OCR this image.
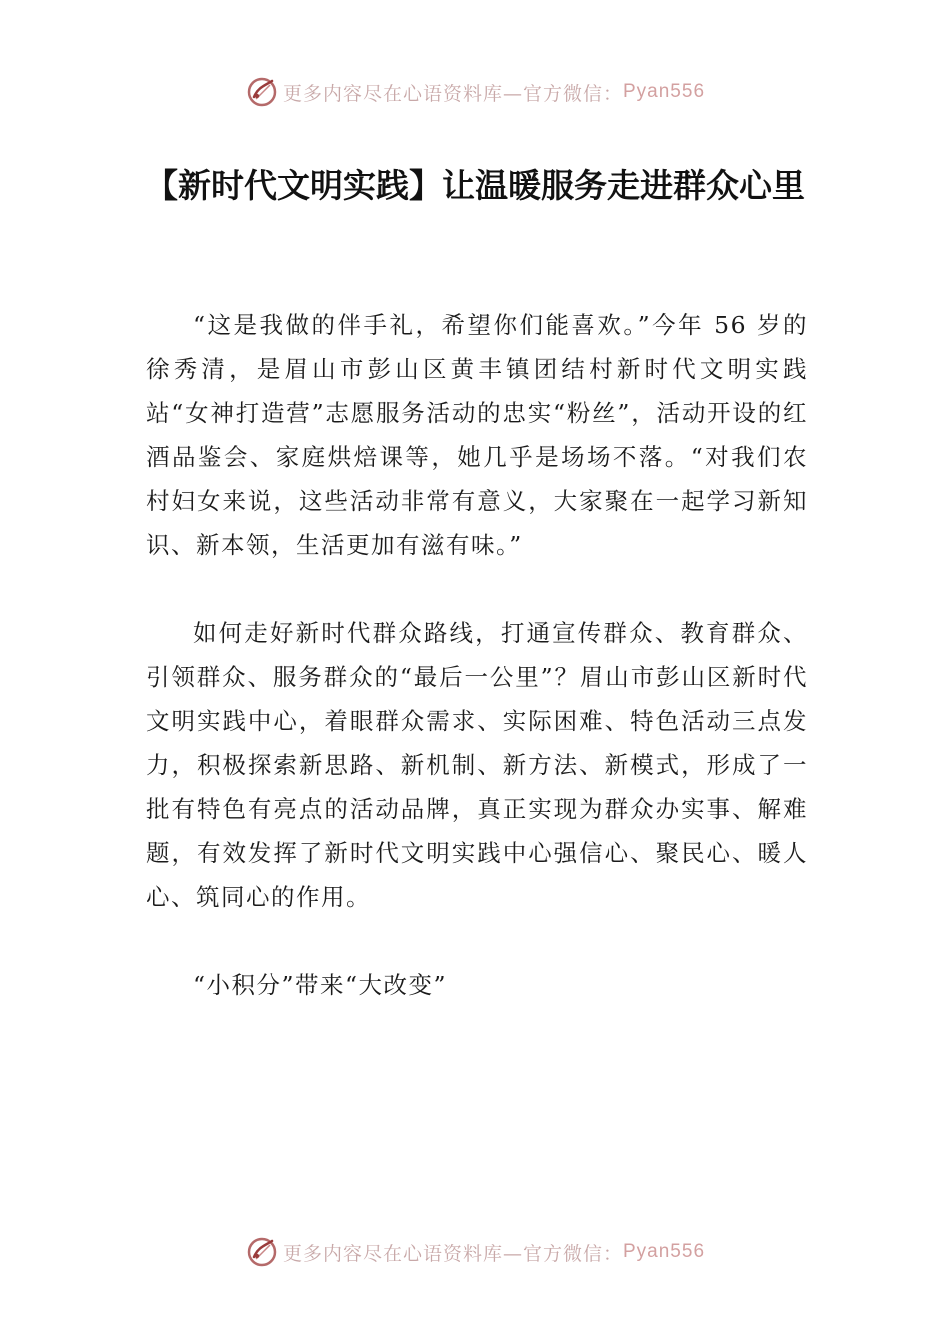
更多内容尽在心语资料库—官方微信： Pyan556
【新时代文明实践】让温暖服务走进群众心里

“这是我做的伴手礼，希望你们能喜欢。”今年 56 岁的徐秀清，是眉山市彭山区黄丰镇团结村新时代文明实践站“女神打造营”志愿服务活动的忠实“粉丝”，活动开设的红酒品鉴会、家庭烘焙课等，她几乎是场场不落。“对我们农村妇女来说，这些活动非常有意义，大家聚在一起学习新知识、新本领，生活更加有滋有味。”

如何走好新时代群众路线，打通宣传群众、教育群众、引领群众、服务群众的“最后一公里”？眉山市彭山区新时代文明实践中心，着眼群众需求、实际困难、特色活动三点发力，积极探索新思路、新机制、新方法、新模式，形成了一批有特色有亮点的活动品牌，真正实现为群众办实事、解难题，有效发挥了新时代文明实践中心强信心、聚民心、暖人心、筑同心的作用。

“小积分”带来“大改变”

更多内容尽在心语资料库—官方微信： Pyan556
